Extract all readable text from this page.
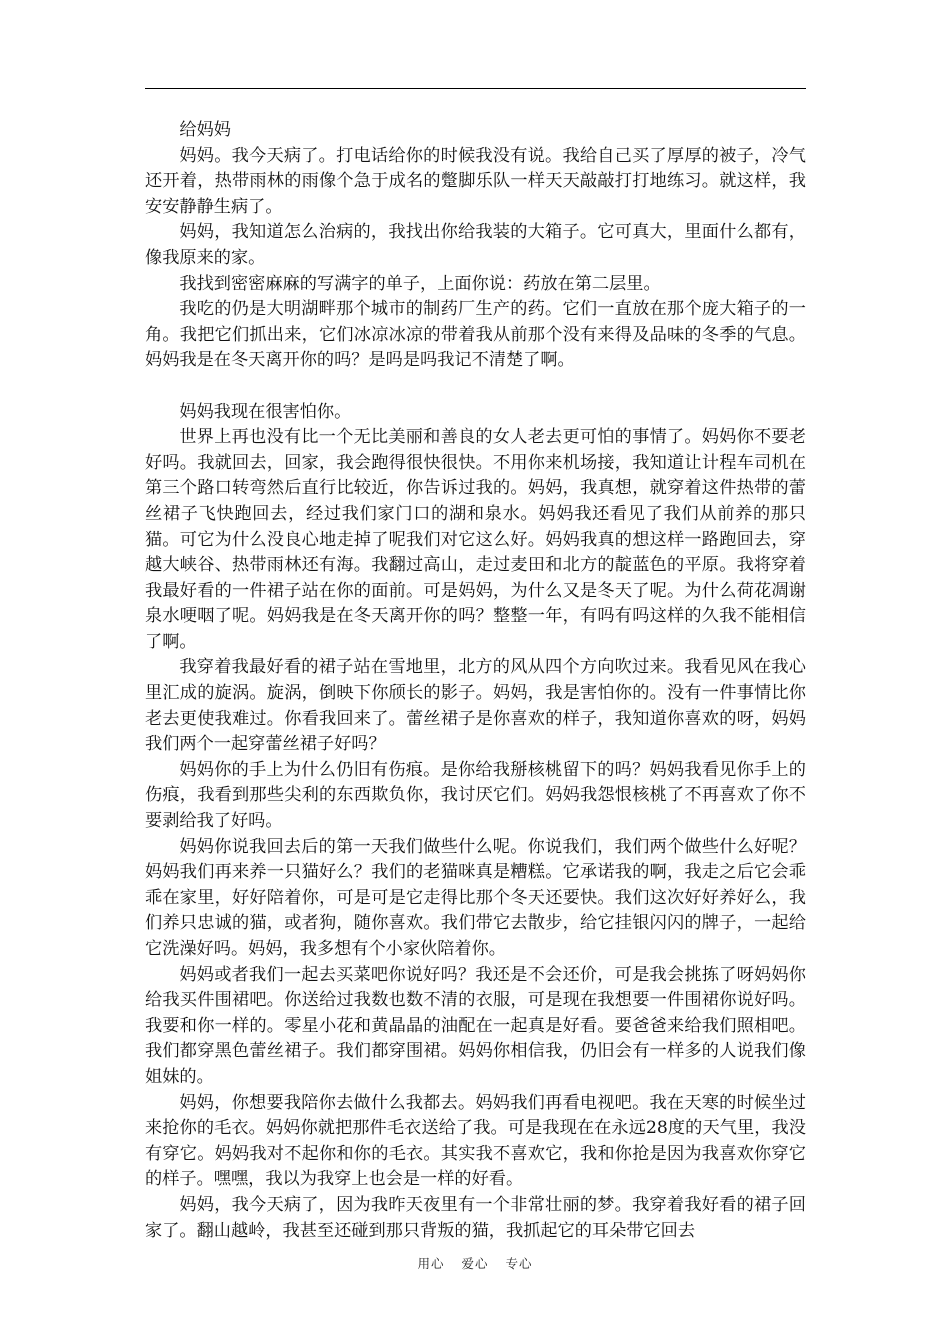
给妈妈

妈妈。我今天病了。打电话给你的时候我没有说。我给自己买了厚厚的被子，冷气还开着，热带雨林的雨像个急于成名的蹩脚乐队一样天天敲敲打打地练习。就这样，我安安静静生病了。

妈妈，我知道怎么治病的，我找出你给我装的大箱子。它可真大，里面什么都有，像我原来的家。

我找到密密麻麻的写满字的单子，上面你说：药放在第二层里。

我吃的仍是大明湖畔那个城市的制药厂生产的药。它们一直放在那个庞大箱子的一角。我把它们抓出来，它们冰凉冰凉的带着我从前那个没有来得及品味的冬季的气息。妈妈我是在冬天离开你的吗？是吗是吗我记不清楚了啊。

妈妈我现在很害怕你。

世界上再也没有比一个无比美丽和善良的女人老去更可怕的事情了。妈妈你不要老好吗。我就回去，回家，我会跑得很快很快。不用你来机场接，我知道让计程车司机在第三个路口转弯然后直行比较近，你告诉过我的。妈妈，我真想，就穿着这件热带的蕾丝裙子飞快跑回去，经过我们家门口的湖和泉水。妈妈我还看见了我们从前养的那只猫。可它为什么没良心地走掉了呢我们对它这么好。妈妈我真的想这样一路跑回去，穿越大峡谷、热带雨林还有海。我翻过高山，走过麦田和北方的靛蓝色的平原。我将穿着我最好看的一件裙子站在你的面前。可是妈妈，为什么又是冬天了呢。为什么荷花凋谢泉水哽咽了呢。妈妈我是在冬天离开你的吗？整整一年，有吗有吗这样的久我不能相信了啊。

我穿着我最好看的裙子站在雪地里，北方的风从四个方向吹过来。我看见风在我心里汇成的旋涡。旋涡，倒映下你颀长的影子。妈妈，我是害怕你的。没有一件事情比你老去更使我难过。你看我回来了。蕾丝裙子是你喜欢的样子，我知道你喜欢的呀，妈妈我们两个一起穿蕾丝裙子好吗？

妈妈你的手上为什么仍旧有伤痕。是你给我掰核桃留下的吗？妈妈我看见你手上的伤痕，我看到那些尖利的东西欺负你，我讨厌它们。妈妈我怨恨核桃了不再喜欢了你不要剥给我了好吗。

妈妈你说我回去后的第一天我们做些什么呢。你说我们，我们两个做些什么好呢？妈妈我们再来养一只猫好么？我们的老猫咪真是糟糕。它承诺我的啊，我走之后它会乖乖在家里，好好陪着你，可是可是它走得比那个冬天还要快。我们这次好好养好么，我们养只忠诚的猫，或者狗，随你喜欢。我们带它去散步，给它挂银闪闪的牌子，一起给它洗澡好吗。妈妈，我多想有个小家伙陪着你。

妈妈或者我们一起去买菜吧你说好吗？我还是不会还价，可是我会挑拣了呀妈妈你给我买件围裙吧。你送给过我数也数不清的衣服，可是现在我想要一件围裙你说好吗。我要和你一样的。零星小花和黄晶晶的油配在一起真是好看。要爸爸来给我们照相吧。我们都穿黑色蕾丝裙子。我们都穿围裙。妈妈你相信我，仍旧会有一样多的人说我们像姐妹的。

妈妈，你想要我陪你去做什么我都去。妈妈我们再看电视吧。我在天寒的时候坐过来抢你的毛衣。妈妈你就把那件毛衣送给了我。可是我现在在永远28度的天气里，我没有穿它。妈妈我对不起你和你的毛衣。其实我不喜欢它，我和你抢是因为我喜欢你穿它的样子。嘿嘿，我以为我穿上也会是一样的好看。

妈妈，我今天病了，因为我昨天夜里有一个非常壮丽的梦。我穿着我好看的裙子回家了。翻山越岭，我甚至还碰到那只背叛的猫，我抓起它的耳朵带它回去

用心 爱心 专心
